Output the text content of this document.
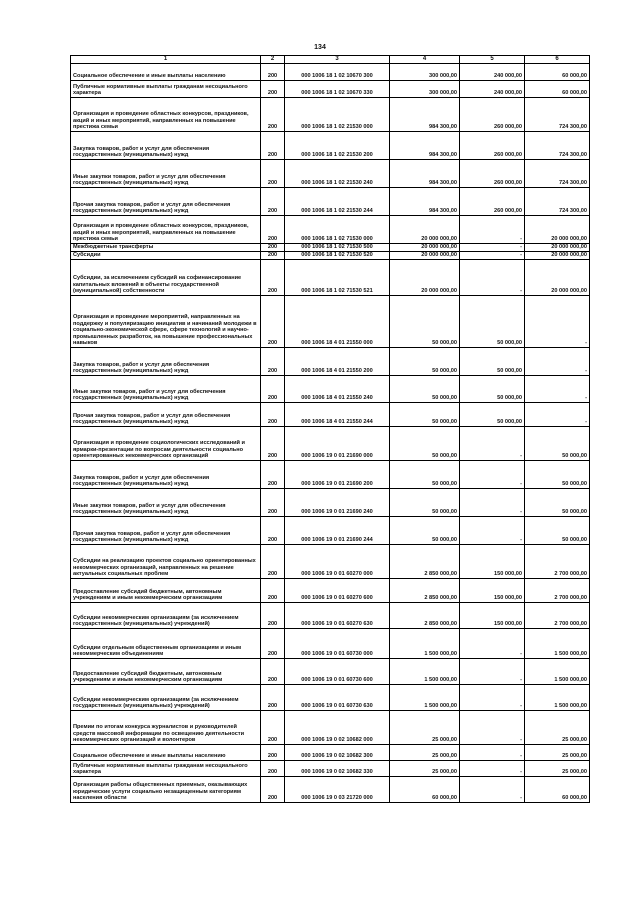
134
1	2	3	4	5	6
Социальное обеспечение и иные выплаты населению	200	000 1006 18 1 02 10670 300	300 000,00	240 000,00	60 000,00
Публичные нормативные выплаты гражданам несоциального характера	200	000 1006 18 1 02 10670 330	300 000,00	240 000,00	60 000,00
Организация и проведение областных конкурсов, праздников, акций и иных мероприятий, направленных на повышение престижа семьи	200	000 1006 18 1 02 21530 000	984 300,00	260 000,00	724 300,00
Закупка товаров, работ и услуг для обеспечения государственных (муниципальных) нужд	200	000 1006 18 1 02 21530 200	984 300,00	260 000,00	724 300,00
Иные закупки товаров, работ и услуг для обеспечения государственных (муниципальных) нужд	200	000 1006 18 1 02 21530 240	984 300,00	260 000,00	724 300,00
Прочая закупка товаров, работ и услуг для обеспечения государственных (муниципальных) нужд	200	000 1006 18 1 02 21530 244	984 300,00	260 000,00	724 300,00
Организация и проведение областных конкурсов, праздников, акций и иных мероприятий, направленных на повышение престижа семьи	200	000 1006 18 1 02 71530 000	20 000 000,00	-	20 000 000,00
Межбюджетные трансферты	200	000 1006 18 1 02 71530 500	20 000 000,00	-	20 000 000,00
Субсидии	200	000 1006 18 1 02 71530 520	20 000 000,00	-	20 000 000,00
Субсидии, за исключением субсидий на софинансирование капитальных вложений в объекты государственной (муниципальной) собственности	200	000 1006 18 1 02 71530 521	20 000 000,00	-	20 000 000,00
Организация и проведение мероприятий, направленных на поддержку и популяризацию инициатив и начинаний молодежи в социально-экономической сфере, сфере технологий и научно-промышленных разработок, на повышение профессиональных навыков	200	000 1006 18 4 01 21550 000	50 000,00	50 000,00	-
Закупка товаров, работ и услуг для обеспечения государственных (муниципальных) нужд	200	000 1006 18 4 01 21550 200	50 000,00	50 000,00	-
Иные закупки товаров, работ и услуг для обеспечения государственных (муниципальных) нужд	200	000 1006 18 4 01 21550 240	50 000,00	50 000,00	-
Прочая закупка товаров, работ и услуг для обеспечения государственных (муниципальных) нужд	200	000 1006 18 4 01 21550 244	50 000,00	50 000,00	-
Организация и проведение социологических исследований и ярмарки-презентации по вопросам деятельности социально ориентированных некоммерческих организаций	200	000 1006 19 0 01 21690 000	50 000,00	-	50 000,00
Закупка товаров, работ и услуг для обеспечения государственных (муниципальных) нужд	200	000 1006 19 0 01 21690 200	50 000,00	-	50 000,00
Иные закупки товаров, работ и услуг для обеспечения государственных (муниципальных) нужд	200	000 1006 19 0 01 21690 240	50 000,00	-	50 000,00
Прочая закупка товаров, работ и услуг для обеспечения государственных (муниципальных) нужд	200	000 1006 19 0 01 21690 244	50 000,00	-	50 000,00
Субсидии на реализацию проектов социально ориентированных некоммерческих организаций, направленных на решение актуальных социальных проблем	200	000 1006 19 0 01 60270 000	2 850 000,00	150 000,00	2 700 000,00
Предоставление субсидий бюджетным, автономным учреждениям и иным некоммерческим организациям	200	000 1006 19 0 01 60270 600	2 850 000,00	150 000,00	2 700 000,00
Субсидии некоммерческим организациям (за исключением государственных (муниципальных) учреждений)	200	000 1006 19 0 01 60270 630	2 850 000,00	150 000,00	2 700 000,00
Субсидии отдельным общественным организациям и иным некоммерческим объединениям	200	000 1006 19 0 01 60730 000	1 500 000,00	-	1 500 000,00
Предоставление субсидий бюджетным, автономным учреждениям и иным некоммерческим организациям	200	000 1006 19 0 01 60730 600	1 500 000,00	-	1 500 000,00
Субсидии некоммерческим организациям (за исключением государственных (муниципальных) учреждений)	200	000 1006 19 0 01 60730 630	1 500 000,00	-	1 500 000,00
Премии по итогам конкурса журналистов и руководителей средств массовой информации по освещению деятельности некоммерческих организаций и волонтеров	200	000 1006 19 0 02 10682 000	25 000,00	-	25 000,00
Социальное обеспечение и иные выплаты населению	200	000 1006 19 0 02 10682 300	25 000,00	-	25 000,00
Публичные нормативные выплаты гражданам несоциального характера	200	000 1006 19 0 02 10682 330	25 000,00	-	25 000,00
Организация работы общественных приемных, оказывающих юридические услуги социально незащищенным категориям населения области	200	000 1006 19 0 03 21720 000	60 000,00	-	60 000,00
